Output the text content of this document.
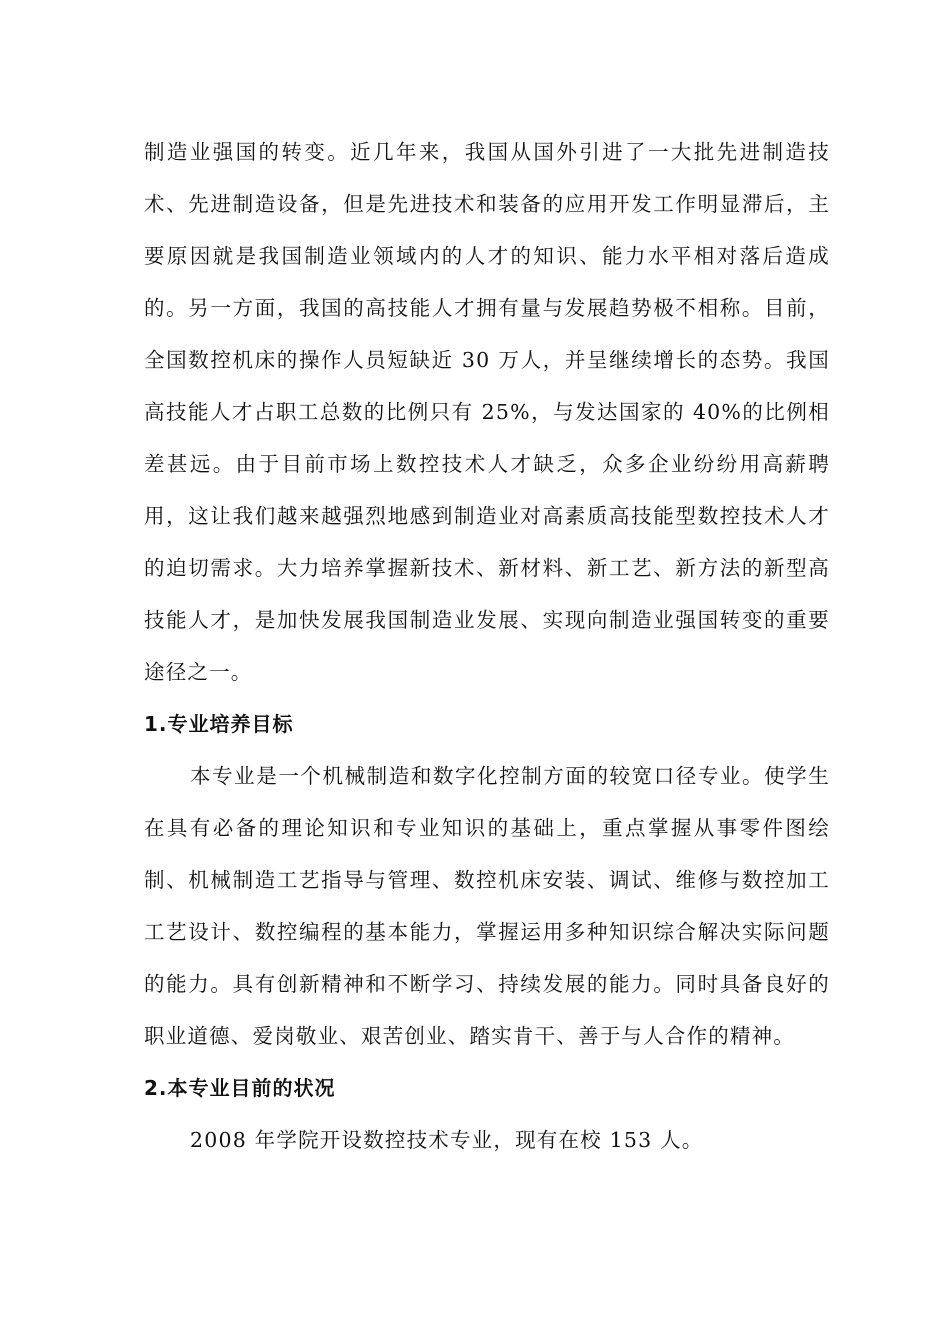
制造业强国的转变。近几年来，我国从国外引进了一大批先进制造技术、先进制造设备，但是先进技术和装备的应用开发工作明显滞后，主要原因就是我国制造业领域内的人才的知识、能力水平相对落后造成的。另一方面，我国的高技能人才拥有量与发展趋势极不相称。目前，全国数控机床的操作人员短缺近 30 万人，并呈继续增长的态势。我国高技能人才占职工总数的比例只有 25%，与发达国家的 40%的比例相差甚远。由于目前市场上数控技术人才缺乏，众多企业纷纷用高薪聘用，这让我们越来越强烈地感到制造业对高素质高技能型数控技术人才的迫切需求。大力培养掌握新技术、新材料、新工艺、新方法的新型高技能人才，是加快发展我国制造业发展、实现向制造业强国转变的重要途径之一。

1.专业培养目标

本专业是一个机械制造和数字化控制方面的较宽口径专业。使学生在具有必备的理论知识和专业知识的基础上，重点掌握从事零件图绘制、机械制造工艺指导与管理、数控机床安装、调试、维修与数控加工工艺设计、数控编程的基本能力，掌握运用多种知识综合解决实际问题的能力。具有创新精神和不断学习、持续发展的能力。同时具备良好的职业道德、爱岗敬业、艰苦创业、踏实肯干、善于与人合作的精神。

2.本专业目前的状况

2008 年学院开设数控技术专业，现有在校 153 人。
